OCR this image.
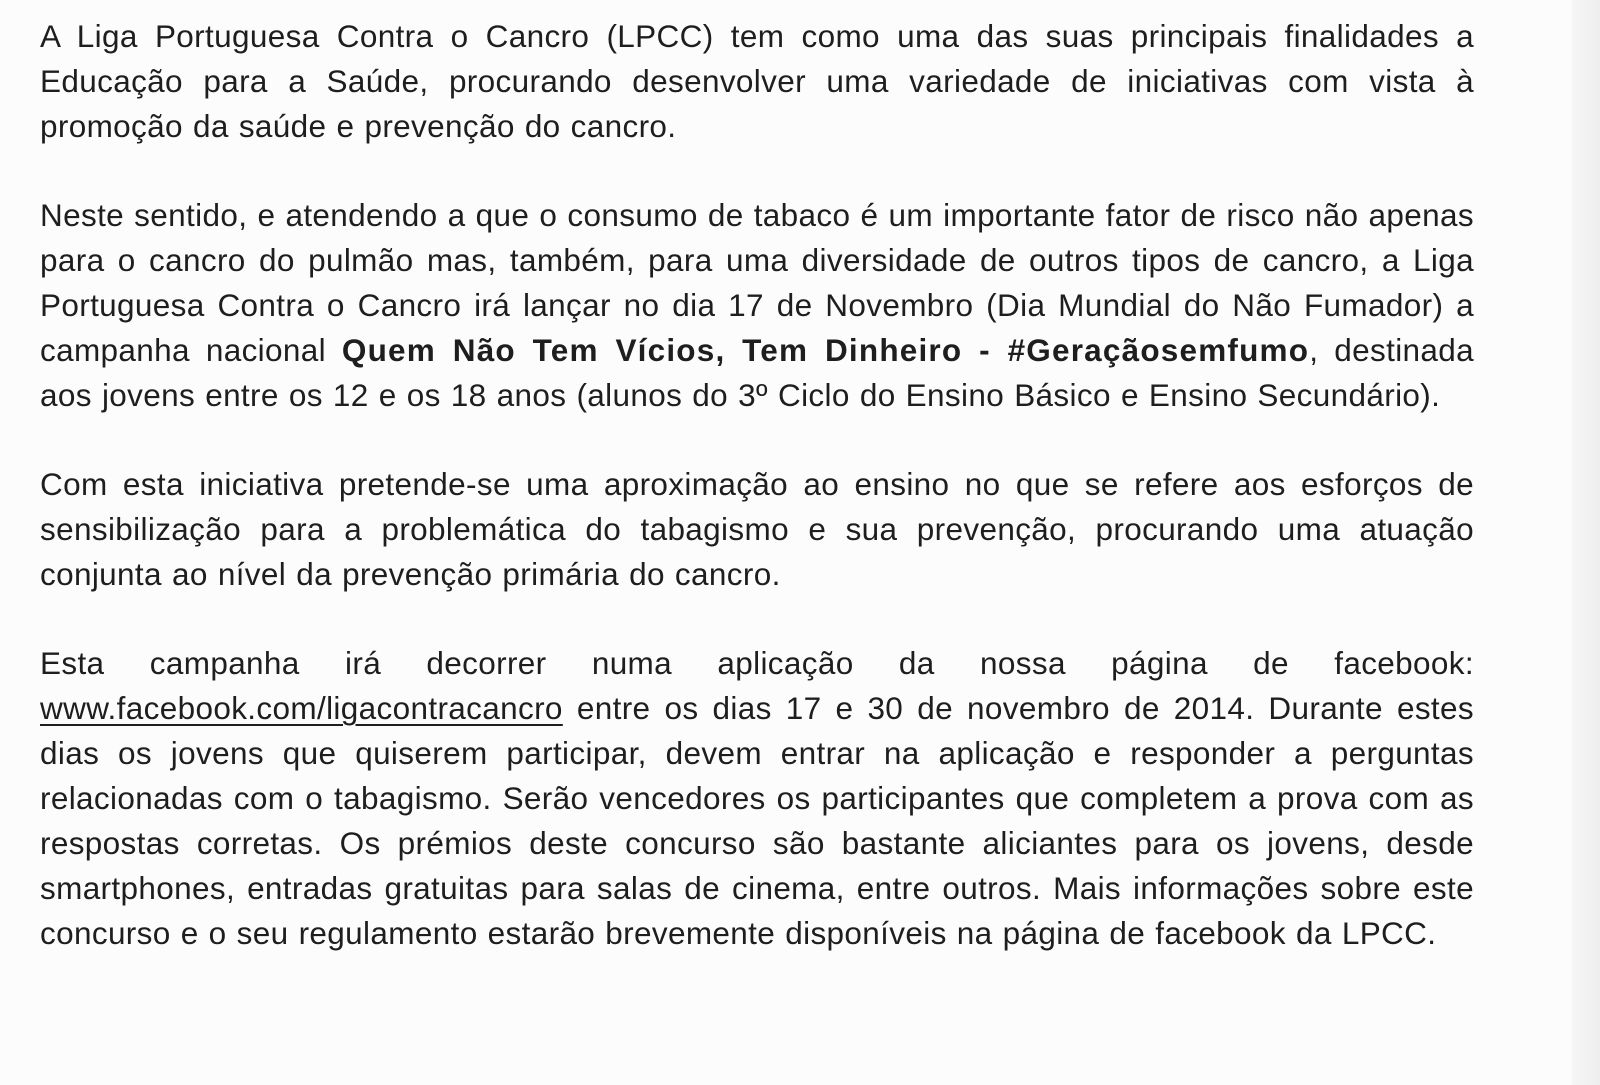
A Liga Portuguesa Contra o Cancro (LPCC) tem como uma das suas principais finalidades a Educação para a Saúde, procurando desenvolver uma variedade de iniciativas com vista à promoção da saúde e prevenção do cancro.

Neste sentido, e atendendo a que o consumo de tabaco é um importante fator de risco não apenas para o cancro do pulmão mas, também, para uma diversidade de outros tipos de cancro, a Liga Portuguesa Contra o Cancro irá lançar no dia 17 de Novembro (Dia Mundial do Não Fumador) a campanha nacional Quem Não Tem Vícios, Tem Dinheiro - #Geraçãosemfumo, destinada aos jovens entre os 12 e os 18 anos (alunos do 3º Ciclo do Ensino Básico e Ensino Secundário).

Com esta iniciativa pretende-se uma aproximação ao ensino no que se refere aos esforços de sensibilização para a problemática do tabagismo e sua prevenção, procurando uma atuação conjunta ao nível da prevenção primária do cancro.

Esta campanha irá decorrer numa aplicação da nossa página de facebook: www.facebook.com/ligacontracancro entre os dias 17 e 30 de novembro de 2014. Durante estes dias os jovens que quiserem participar, devem entrar na aplicação e responder a perguntas relacionadas com o tabagismo. Serão vencedores os participantes que completem a prova com as respostas corretas. Os prémios deste concurso são bastante aliciantes para os jovens, desde smartphones, entradas gratuitas para salas de cinema, entre outros. Mais informações sobre este concurso e o seu regulamento estarão brevemente disponíveis na página de facebook da LPCC.
